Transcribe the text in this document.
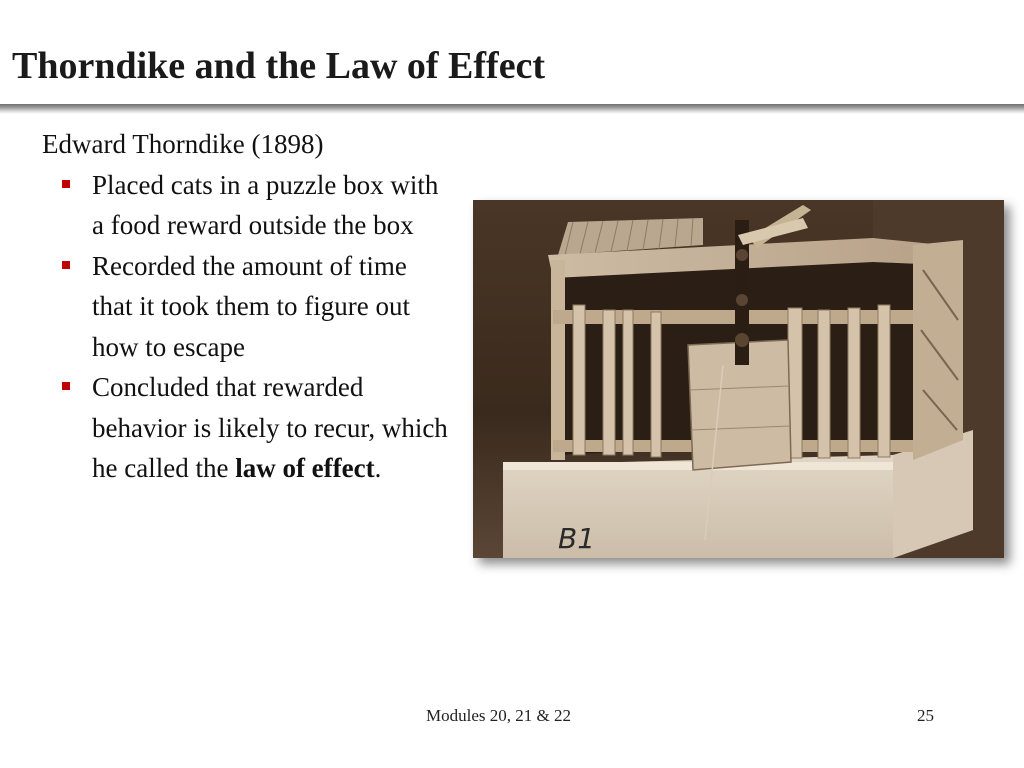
Thorndike and the Law of Effect

Edward Thorndike (1898)

Placed cats in a puzzle box with a food reward outside the box
Recorded the amount of time that it took them to figure out how to escape
Concluded that rewarded behavior is likely to recur, which he called the law of effect.
B1
Modules 20, 21 & 22	25
